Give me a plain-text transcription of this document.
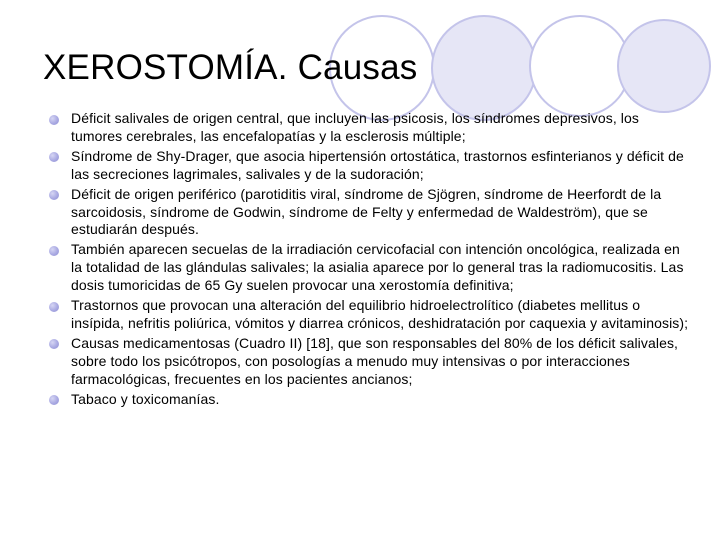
XEROSTOMÍA. Causas
Déficit salivales de origen central, que incluyen las psicosis, los síndromes depresivos, los tumores cerebrales, las encefalopatías y la esclerosis múltiple;
Síndrome de Shy-Drager, que asocia hipertensión ortostática, trastornos esfinterianos y déficit de las secreciones lagrimales, salivales y de la sudoración;
Déficit de origen periférico (parotiditis viral, síndrome de Sjögren, síndrome de Heerfordt de la sarcoidosis, síndrome de Godwin, síndrome de Felty y enfermedad de Waldeström), que se estudiarán después.
También aparecen secuelas de la irradiación cervicofacial con intención oncológica, realizada en la totalidad de las glándulas salivales; la asialia aparece por lo general tras la radiomucositis. Las dosis tumoricidas de 65 Gy suelen provocar una xerostomía definitiva;
Trastornos que provocan una alteración del equilibrio hidroelectrolítico (diabetes mellitus o insípida, nefritis poliúrica, vómitos y diarrea crónicos, deshidratación por caquexia y avitaminosis);
Causas medicamentosas (Cuadro II) [18], que son responsables del 80% de los déficit salivales, sobre todo los psicótropos, con posologías a menudo muy intensivas o por interacciones farmacológicas, frecuentes en los pacientes ancianos;
Tabaco y toxicomanías.
